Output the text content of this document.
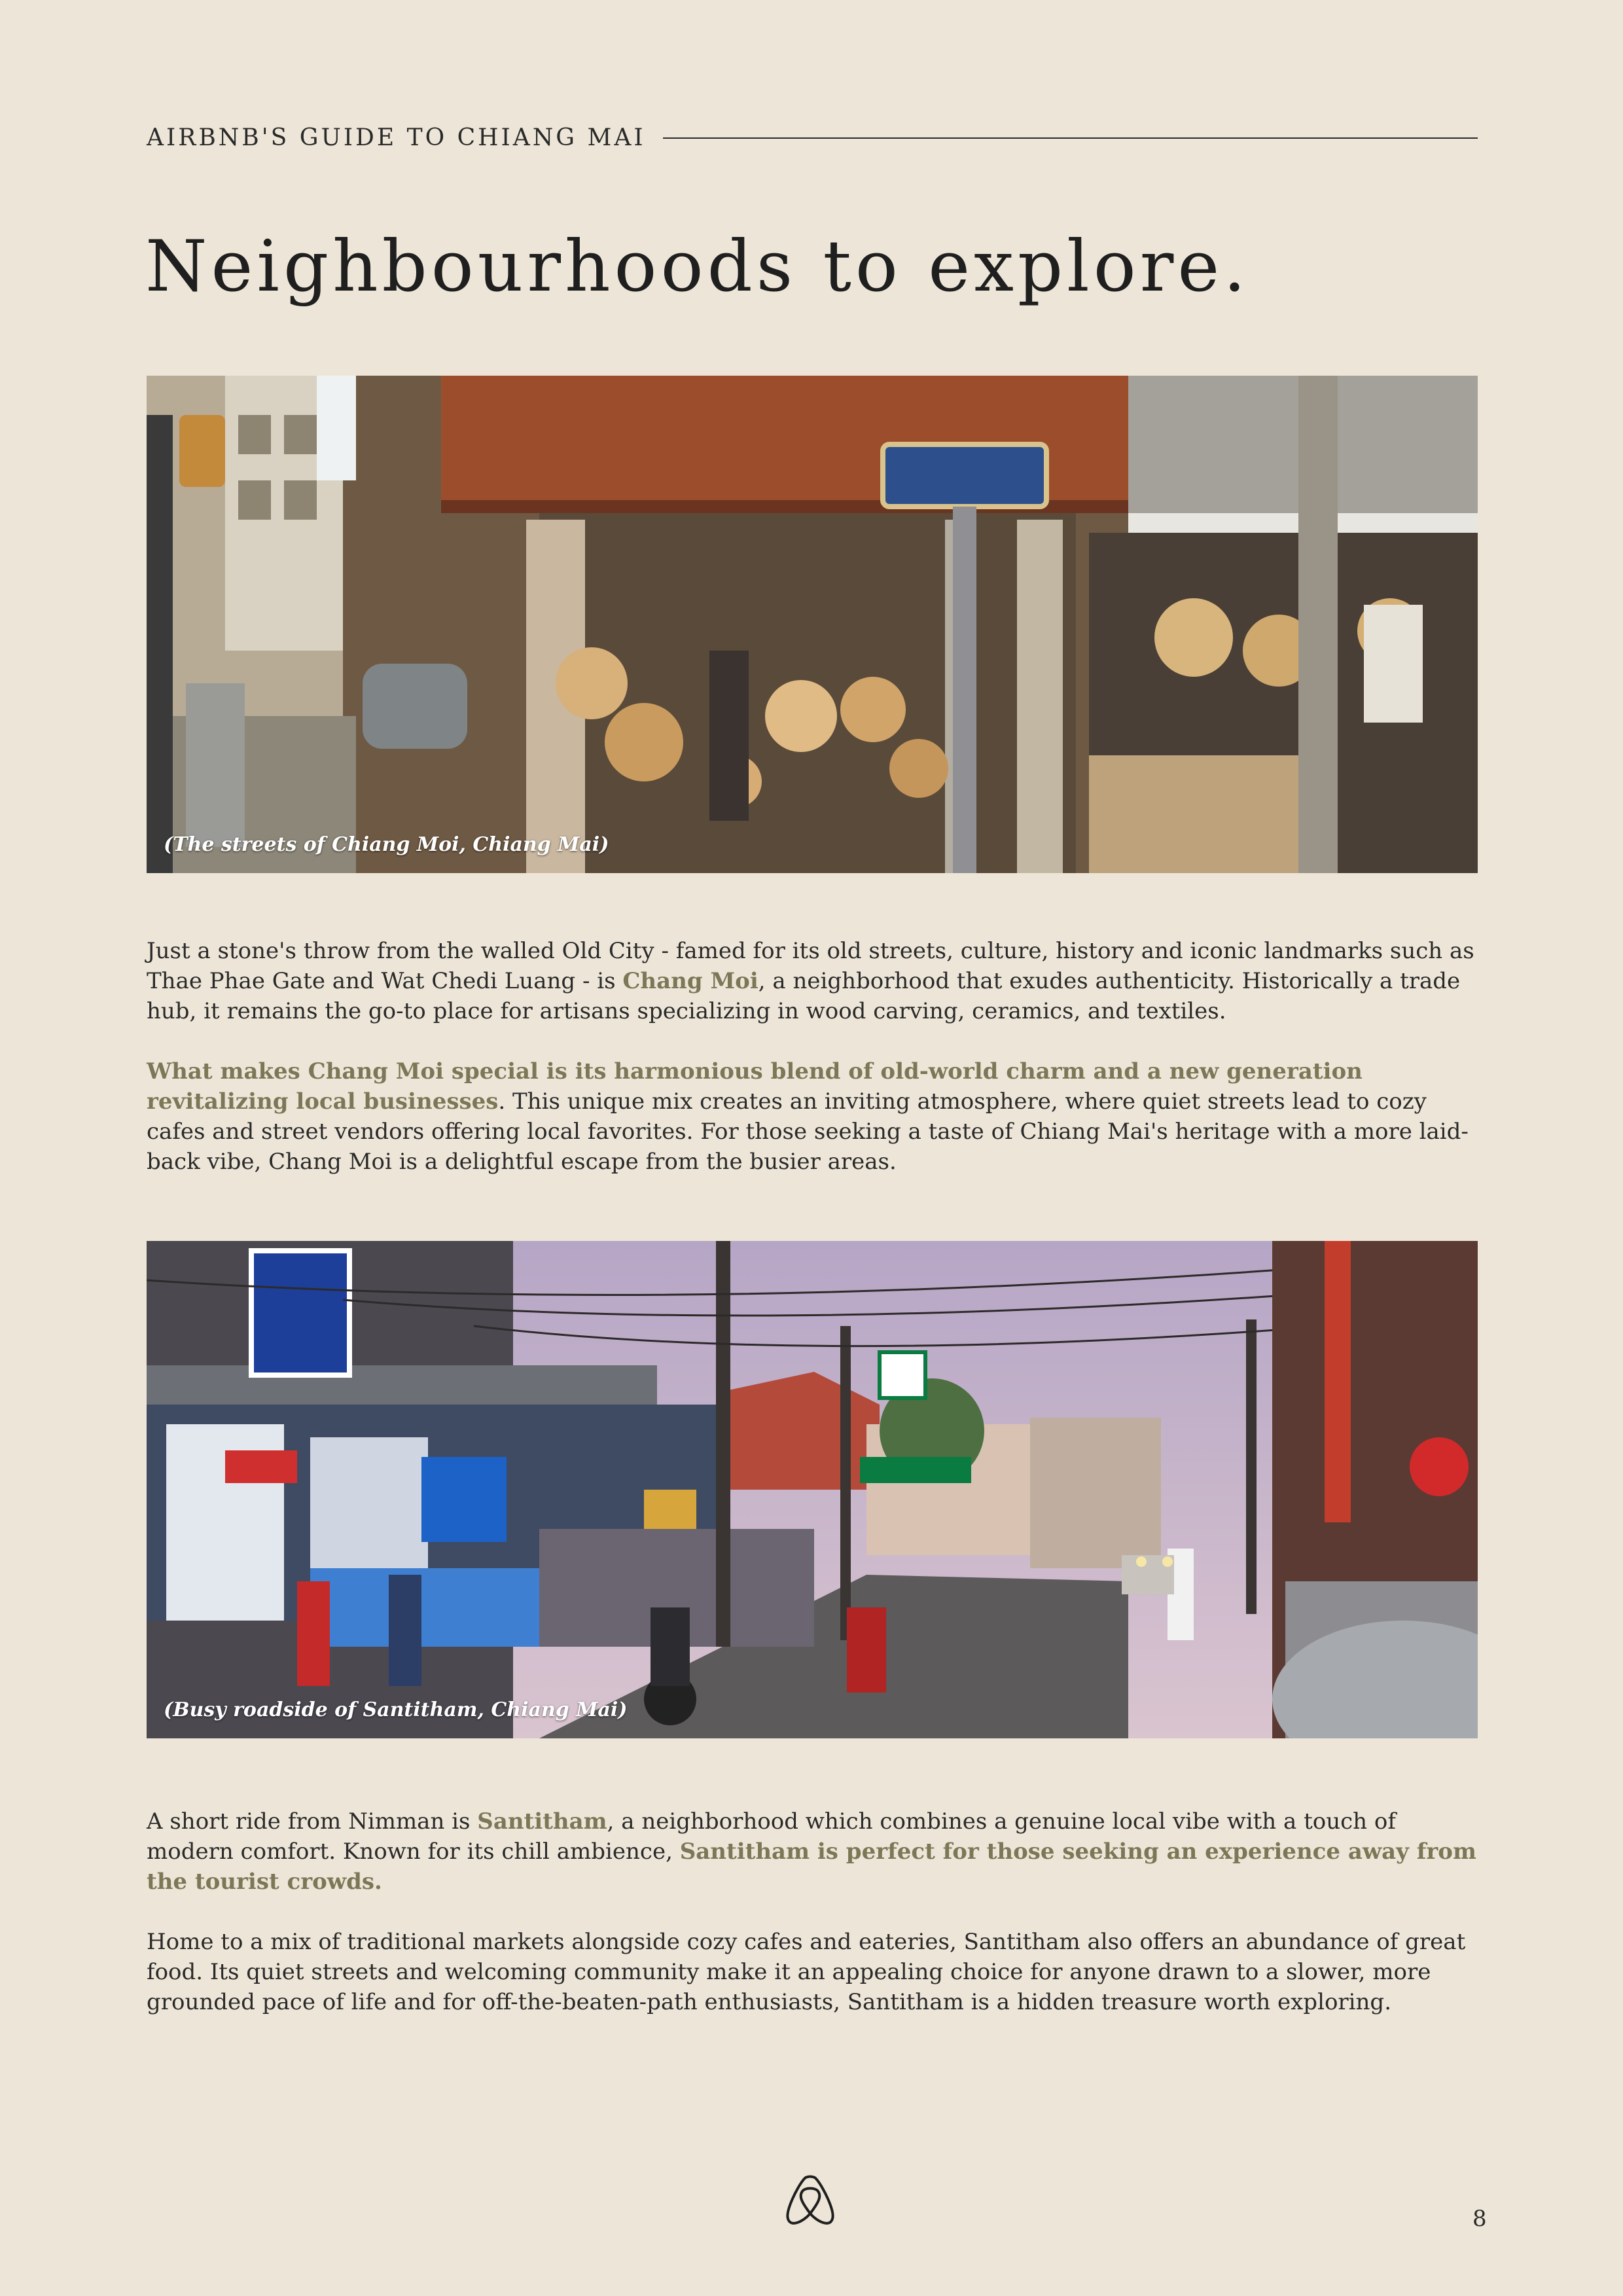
AIRBNB'S GUIDE TO CHIANG MAI
Neighbourhoods to explore.
(The streets of Chiang Moi, Chiang Mai)

Just a stone's throw from the walled Old City - famed for its old streets, culture, history and iconic landmarks such as Thae Phae Gate and Wat Chedi Luang - is Chang Moi, a neighborhood that exudes authenticity. Historically a trade hub, it remains the go-to place for artisans specializing in wood carving, ceramics, and textiles.

What makes Chang Moi special is its harmonious blend of old-world charm and a new generation revitalizing local businesses. This unique mix creates an inviting atmosphere, where quiet streets lead to cozy cafes and street vendors offering local favorites. For those seeking a taste of Chiang Mai's heritage with a more laid-back vibe, Chang Moi is a delightful escape from the busier areas.

(Busy roadside of Santitham, Chiang Mai)

A short ride from Nimman is Santitham, a neighborhood which combines a genuine local vibe with a touch of modern comfort. Known for its chill ambience, Santitham is perfect for those seeking an experience away from the tourist crowds.

Home to a mix of traditional markets alongside cozy cafes and eateries, Santitham also offers an abundance of great food. Its quiet streets and welcoming community make it an appealing choice for anyone drawn to a slower, more grounded pace of life and for off-the-beaten-path enthusiasts, Santitham is a hidden treasure worth exploring.

8
